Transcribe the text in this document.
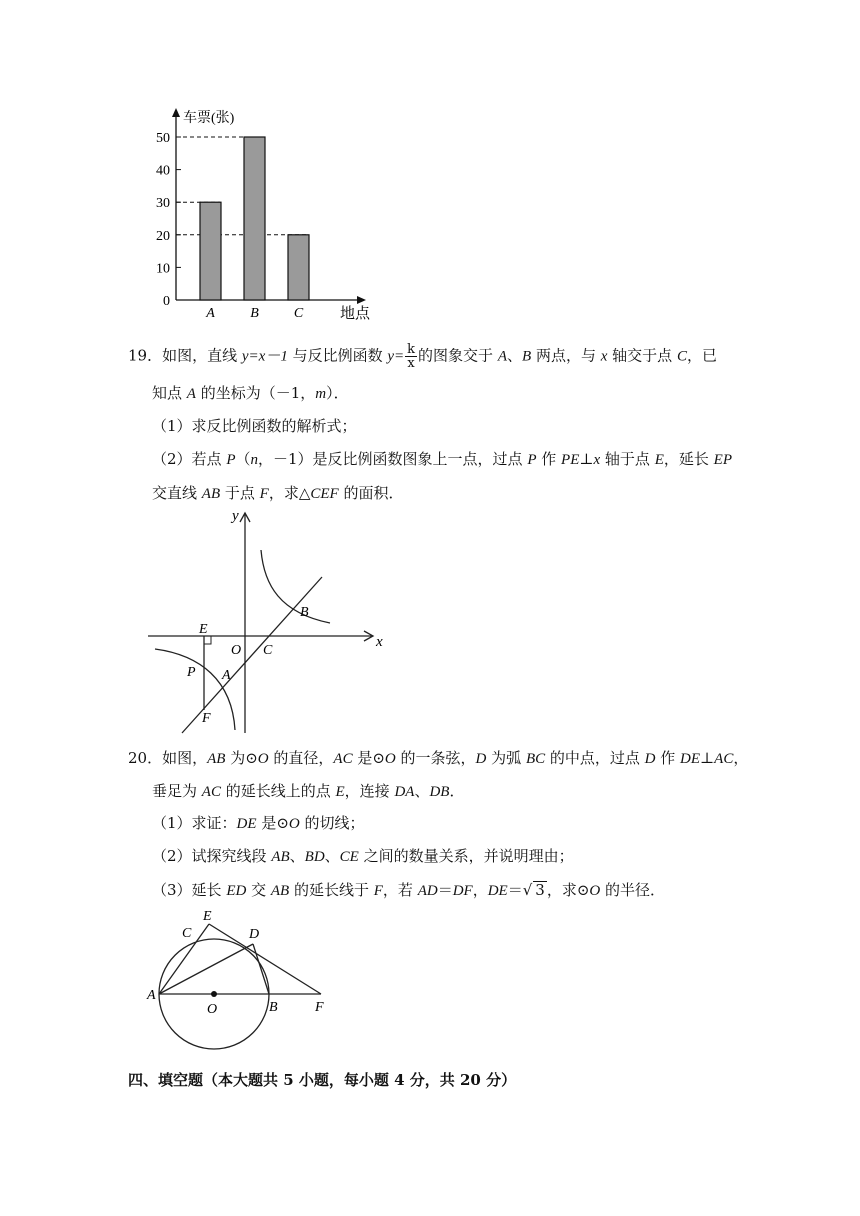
车票(张)
地点
0
10
20
30
40
50
A	B	C
19．如图，直线 y=x－1 与反比例函数 $y= \frac{k}{x}$ 的图象交于 A、B 两点，与 x 轴交于点 C，已
知点 A 的坐标为（－1，m）．
（1）求反比例函数的解析式；
（2）若点 P（n，－1）是反比例函数图象上一点，过点 P 作 PE⊥x 轴于点 E，延长 EP
交直线 AB 于点 F，求△CEF 的面积．
y
x
E
O C
B
A
P
F
20．如图，AB 为⊙O 的直径，AC 是⊙O 的一条弦，D 为弧 BC 的中点，过点 D 作 DE⊥AC，
垂足为 AC 的延长线上的点 E，连接 DA、DB．
（1）求证：DE 是⊙O 的切线；
（2）试探究线段 AB、BD、CE 之间的数量关系，并说明理由；
（3）延长 ED 交 AB 的延长线于 F，若 AD＝DF，DE＝√ 3 ，求⊙O 的半径．
E
C	D
A
O	B	F
四、填空题（本大题共 5 小题，每小题 4 分，共 20 分）
